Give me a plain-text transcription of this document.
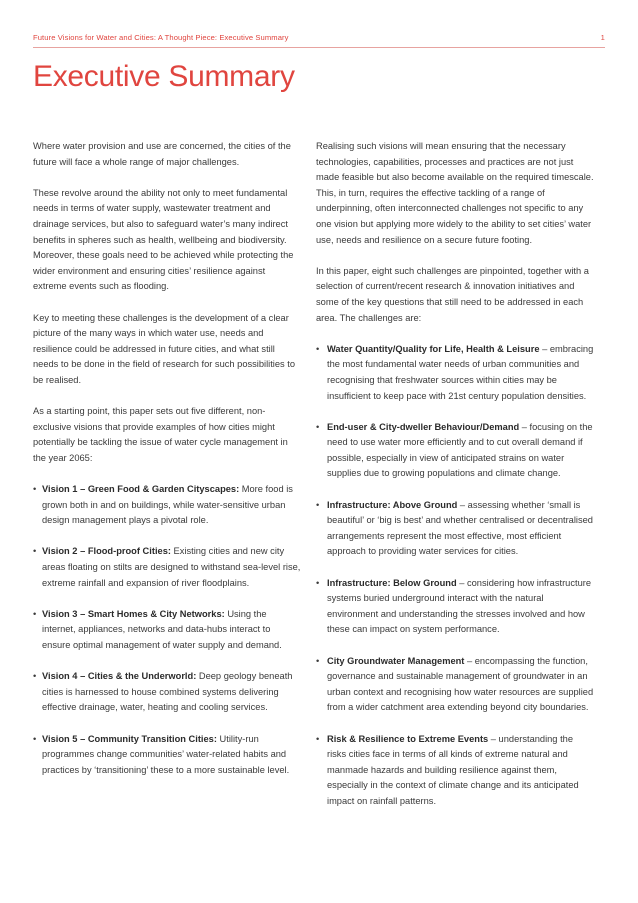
Future Visions for Water and Cities: A Thought Piece: Executive Summary	1
Executive Summary

Where water provision and use are concerned, the cities of the future will face a whole range of major challenges.

These revolve around the ability not only to meet fundamental needs in terms of water supply, wastewater treatment and drainage services, but also to safeguard water’s many indirect benefits in spheres such as health, wellbeing and biodiversity. Moreover, these goals need to be achieved while protecting the wider environment and ensuring cities’ resilience against extreme events such as flooding.

Key to meeting these challenges is the development of a clear picture of the many ways in which water use, needs and resilience could be addressed in future cities, and what still needs to be done in the field of research for such possibilities to be realised.

As a starting point, this paper sets out five different, non-exclusive visions that provide examples of how cities might potentially be tackling the issue of water cycle management in the year 2065:

• Vision 1 – Green Food & Garden Cityscapes: More food is grown both in and on buildings, while water-sensitive urban design management plays a pivotal role.
• Vision 2 – Flood-proof Cities: Existing cities and new city areas floating on stilts are designed to withstand sea-level rise, extreme rainfall and expansion of river floodplains.
• Vision 3 – Smart Homes & City Networks: Using the internet, appliances, networks and data-hubs interact to ensure optimal management of water supply and demand.
• Vision 4 – Cities & the Underworld: Deep geology beneath cities is harnessed to house combined systems delivering effective drainage, water, heating and cooling services.
• Vision 5 – Community Transition Cities: Utility-run programmes change communities’ water-related habits and practices by ‘transitioning’ these to a more sustainable level.

Realising such visions will mean ensuring that the necessary technologies, capabilities, processes and practices are not just made feasible but also become available on the required timescale. This, in turn, requires the effective tackling of a range of underpinning, often interconnected challenges not specific to any one vision but applying more widely to the ability to set cities’ water use, needs and resilience on a secure future footing.

In this paper, eight such challenges are pinpointed, together with a selection of current/recent research & innovation initiatives and some of the key questions that still need to be addressed in each area. The challenges are:

• Water Quantity/Quality for Life, Health & Leisure – embracing the most fundamental water needs of urban communities and recognising that freshwater sources within cities may be insufficient to keep pace with 21st century population densities.
• End-user & City-dweller Behaviour/Demand – focusing on the need to use water more efficiently and to cut overall demand if possible, especially in view of anticipated strains on water supplies due to growing populations and climate change.
• Infrastructure: Above Ground – assessing whether ‘small is beautiful’ or ‘big is best’ and whether centralised or decentralised arrangements represent the most effective, most efficient approach to providing water services for cities.
• Infrastructure: Below Ground – considering how infrastructure systems buried underground interact with the natural environment and understanding the stresses involved and how these can impact on system performance.
• City Groundwater Management – encompassing the function, governance and sustainable management of groundwater in an urban context and recognising how water resources are supplied from a wider catchment area extending beyond city boundaries.
• Risk & Resilience to Extreme Events – understanding the risks cities face in terms of all kinds of extreme natural and manmade hazards and building resilience against them, especially in the context of climate change and its anticipated impact on rainfall patterns.
